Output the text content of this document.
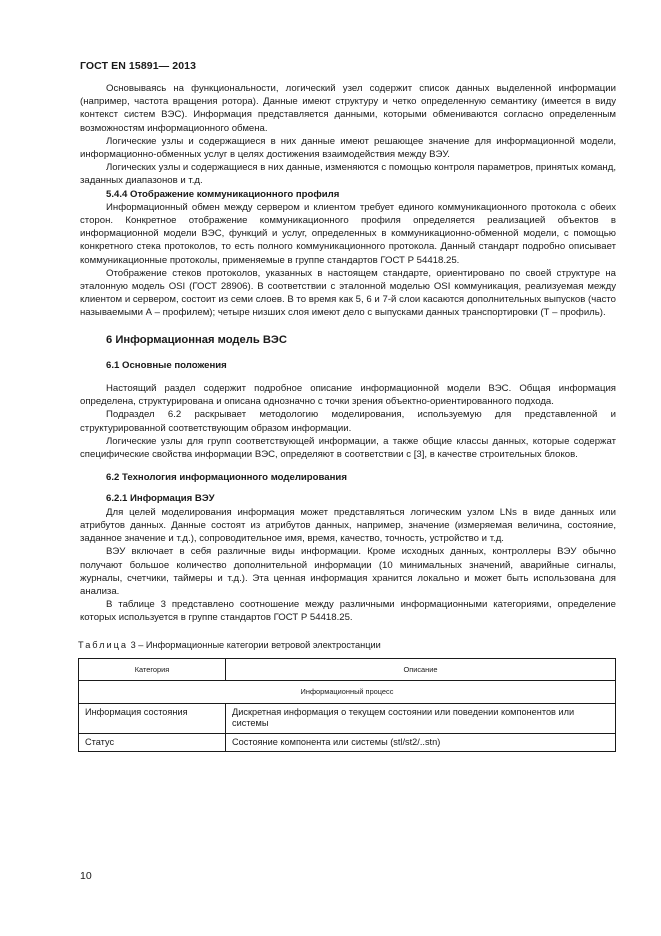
ГОСТ EN 15891— 2013

Основываясь на функциональности, логический узел содержит список данных выделенной информации (например, частота вращения ротора). Данные имеют структуру и четко определенную семантику (имеется в виду контекст систем ВЭС). Информация представляется данными, которыми обмениваются согласно определенным возможностям информационного обмена.

Логические узлы и содержащиеся в них данные имеют решающее значение для информационной модели, информационно-обменных услуг в целях достижения взаимодействия между ВЭУ.

Логических узлы и содержащиеся в них данные, изменяются с помощью контроля параметров, принятых команд, заданных диапазонов и т.д.

5.4.4 Отображение коммуникационного профиля

Информационный обмен между сервером и клиентом требует единого коммуникационного протокола с обеих сторон. Конкретное отображение коммуникационного профиля определяется реализацией объектов в информационной модели ВЭС, функций и услуг, определенных в коммуникационно-обменной модели, с помощью конкретного стека протоколов, то есть полного коммуникационного протокола. Данный стандарт подробно описывает коммуникационные протоколы, применяемые в группе стандартов ГОСТ Р 54418.25.

Отображение стеков протоколов, указанных в настоящем стандарте, ориентировано по своей структуре на эталонную модель OSI (ГОСТ 28906). В соответствии с эталонной моделью OSI коммуникация, реализуемая между клиентом и сервером, состоит из семи слоев. В то время как 5, 6 и 7-й слои касаются дополнительных выпусков (часто называемыми А – профилем); четыре низших слоя имеют дело с выпусками данных транспортировки (Т – профиль).

6 Информационная модель ВЭС
6.1 Основные положения

Настоящий раздел содержит подробное описание информационной модели ВЭС. Общая информация определена, структурирована и описана однозначно с точки зрения объектно-ориентированного подхода.

Подраздел 6.2 раскрывает методологию моделирования, используемую для представленной и структурированной соответствующим образом информации.

Логические узлы для групп соответствующей информации, а также общие классы данных, которые содержат специфические свойства информации ВЭС, определяют в соответствии с [3], в качестве строительных блоков.

6.2 Технология информационного моделирования
6.2.1 Информация ВЭУ

Для целей моделирования информация может представляться логическим узлом LNs в виде данных или атрибутов данных. Данные состоят из атрибутов данных, например, значение (измеряемая величина, состояние, заданное значение и т.д.), сопроводительное имя, время, качество, точность, устройство и т.д.

ВЭУ включает в себя различные виды информации. Кроме исходных данных, контроллеры ВЭУ обычно получают большое количество дополнительной информации (10 минимальных значений, аварийные сигналы, журналы, счетчики, таймеры и т.д.). Эта ценная информация хранится локально и может быть использована для анализа.

В таблице 3 представлено соотношение между различными информационными категориями, определение которых используется в группе стандартов ГОСТ Р 54418.25.

Таблица 3 – Информационные категории ветровой электростанции
Категория	Описание
Информационный процесс	
Информация состояния	Дискретная информация о текущем состоянии или поведении компонентов или системы
Статус	Состояние компонента или системы (stl/st2/..stn)
10
